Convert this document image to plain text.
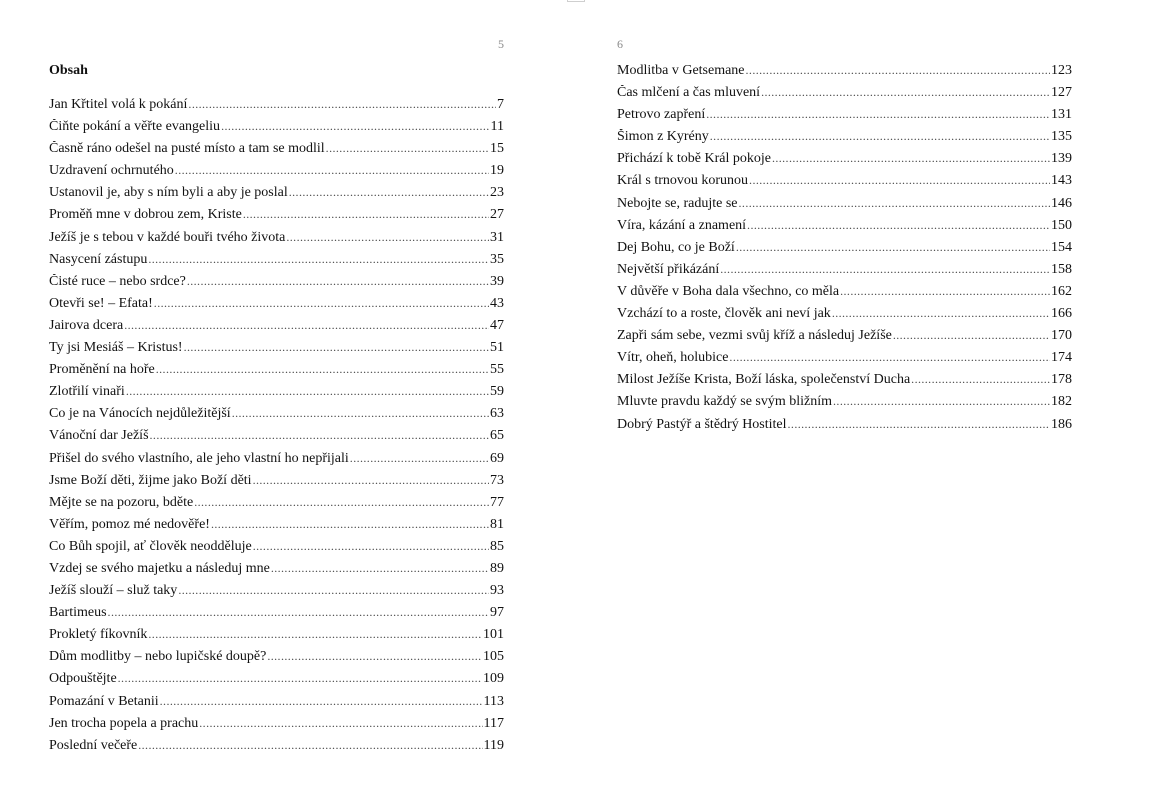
5
Obsah
Jan Křtitel volá k pokání .....	7
Čiňte pokání a věřte evangeliu .....	11
Časně ráno odešel na pusté místo a tam se modlil .....	15
Uzdravení ochrnutého .....	19
Ustanovil je, aby s ním byli a aby je poslal .....	23
Proměň mne v dobrou zem, Kriste .....	27
Ježíš je s tebou v každé bouři tvého života .....	31
Nasycení zástupu .....	35
Čisté ruce – nebo srdce? .....	39
Otevři se! – Efata! .....	43
Jairova dcera .....	47
Ty jsi Mesiáš – Kristus! .....	51
Proměnění na hoře .....	55
Zlotřilí vinaři .....	59
Co je na Vánocích nejdůležitější .....	63
Vánoční dar Ježíš .....	65
Přišel do svého vlastního, ale jeho vlastní ho nepřijali .....	69
Jsme Boží děti, žijme jako Boží děti .....	73
Mějte se na pozoru, bděte .....	77
Věřím, pomoz mé nedověře! .....	81
Co Bůh spojil, ať člověk neodděluje .....	85
Vzdej se svého majetku a následuj mne .....	89
Ježíš slouží – služ taky .....	93
Bartimeus .....	97
Prokletý fíkovník .....	101
Dům modlitby – nebo lupičské doupě? .....	105
Odpouštějte .....	109
Pomazání v Betanii .....	113
Jen trocha popela a prachu .....	117
Poslední večeře .....	119
6
Modlitba v Getsemane .....	123
Čas mlčení a čas mluvení .....	127
Petrovo zapření .....	131
Šimon z Kyrény .....	135
Přichází k tobě Král pokoje .....	139
Král s trnovou korunou .....	143
Nebojte se, radujte se .....	146
Víra, kázání a znamení .....	150
Dej Bohu, co je Boží .....	154
Největší přikázání .....	158
V důvěře v Boha dala všechno, co měla .....	162
Vzchází to a roste, člověk ani neví jak .....	166
Zapři sám sebe, vezmi svůj kříž a následuj Ježíše .....	170
Vítr, oheň, holubice .....	174
Milost Ježíše Krista, Boží láska, společenství Ducha .....	178
Mluvte pravdu každý se svým bližním .....	182
Dobrý Pastýř a štědrý Hostitel .....	186
